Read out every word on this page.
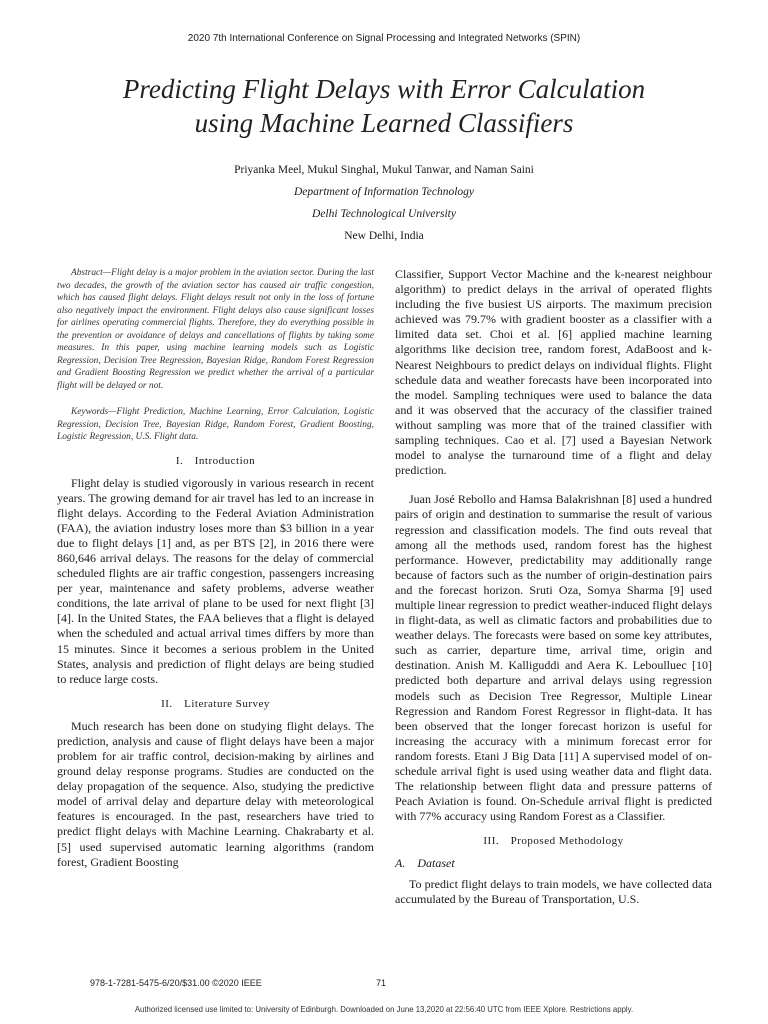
2020 7th International Conference on Signal Processing and Integrated Networks (SPIN)
Predicting Flight Delays with Error Calculation
using Machine Learned Classifiers
Priyanka Meel, Mukul Singhal, Mukul Tanwar, and Naman Saini
Department of Information Technology
Delhi Technological University
New Delhi, India

Abstract—Flight delay is a major problem in the aviation sector. During the last two decades, the growth of the aviation sector has caused air traffic congestion, which has caused flight delays. Flight delays result not only in the loss of fortune also negatively impact the environment. Flight delays also cause significant losses for airlines operating commercial flights. Therefore, they do everything possible in the prevention or avoidance of delays and cancellations of flights by taking some measures. In this paper, using machine learning models such as Logistic Regression, Decision Tree Regression, Bayesian Ridge, Random Forest Regression and Gradient Boosting Regression we predict whether the arrival of a particular flight will be delayed or not.

Keywords—Flight Prediction, Machine Learning, Error Calculation, Logistic Regression, Decision Tree, Bayesian Ridge, Random Forest, Gradient Boosting, Logistic Regression, U.S. Flight data.

I. Introduction

Flight delay is studied vigorously in various research in recent years. The growing demand for air travel has led to an increase in flight delays. According to the Federal Aviation Administration (FAA), the aviation industry loses more than $3 billion in a year due to flight delays [1] and, as per BTS [2], in 2016 there were 860,646 arrival delays. The reasons for the delay of commercial scheduled flights are air traffic congestion, passengers increasing per year, maintenance and safety problems, adverse weather conditions, the late arrival of plane to be used for next flight [3] [4]. In the United States, the FAA believes that a flight is delayed when the scheduled and actual arrival times differs by more than 15 minutes. Since it becomes a serious problem in the United States, analysis and prediction of flight delays are being studied to reduce large costs.

II. Literature Survey

Much research has been done on studying flight delays. The prediction, analysis and cause of flight delays have been a major problem for air traffic control, decision-making by airlines and ground delay response programs. Studies are conducted on the delay propagation of the sequence. Also, studying the predictive model of arrival delay and departure delay with meteorological features is encouraged. In the past, researchers have tried to predict flight delays with Machine Learning. Chakrabarty et al. [5] used supervised automatic learning algorithms (random forest, Gradient Boosting

Classifier, Support Vector Machine and the k-nearest neighbour algorithm) to predict delays in the arrival of operated flights including the five busiest US airports. The maximum precision achieved was 79.7% with gradient booster as a classifier with a limited data set. Choi et al. [6] applied machine learning algorithms like decision tree, random forest, AdaBoost and k-Nearest Neighbours to predict delays on individual flights. Flight schedule data and weather forecasts have been incorporated into the model. Sampling techniques were used to balance the data and it was observed that the accuracy of the classifier trained without sampling was more that of the trained classifier with sampling techniques. Cao et al. [7] used a Bayesian Network model to analyse the turnaround time of a flight and delay prediction.

Juan José Rebollo and Hamsa Balakrishnan [8] used a hundred pairs of origin and destination to summarise the result of various regression and classification models. The find outs reveal that among all the methods used, random forest has the highest performance. However, predictability may additionally range because of factors such as the number of origin-destination pairs and the forecast horizon. Sruti Oza, Somya Sharma [9] used multiple linear regression to predict weather-induced flight delays in flight-data, as well as climatic factors and probabilities due to weather delays. The forecasts were based on some key attributes, such as carrier, departure time, arrival time, origin and destination. Anish M. Kalliguddi and Aera K. Leboulluec [10] predicted both departure and arrival delays using regression models such as Decision Tree Regressor, Multiple Linear Regression and Random Forest Regressor in flight-data. It has been observed that the longer forecast horizon is useful for increasing the accuracy with a minimum forecast error for random forests. Etani J Big Data [11] A supervised model of on-schedule arrival fight is used using weather data and flight data. The relationship between flight data and pressure patterns of Peach Aviation is found. On-Schedule arrival flight is predicted with 77% accuracy using Random Forest as a Classifier.

III. Proposed Methodology
A. Dataset

To predict flight delays to train models, we have collected data accumulated by the Bureau of Transportation, U.S.

978-1-7281-5475-6/20/$31.00 ©2020 IEEE	71
Authorized licensed use limited to: University of Edinburgh. Downloaded on June 13,2020 at 22:56:40 UTC from IEEE Xplore. Restrictions apply.
